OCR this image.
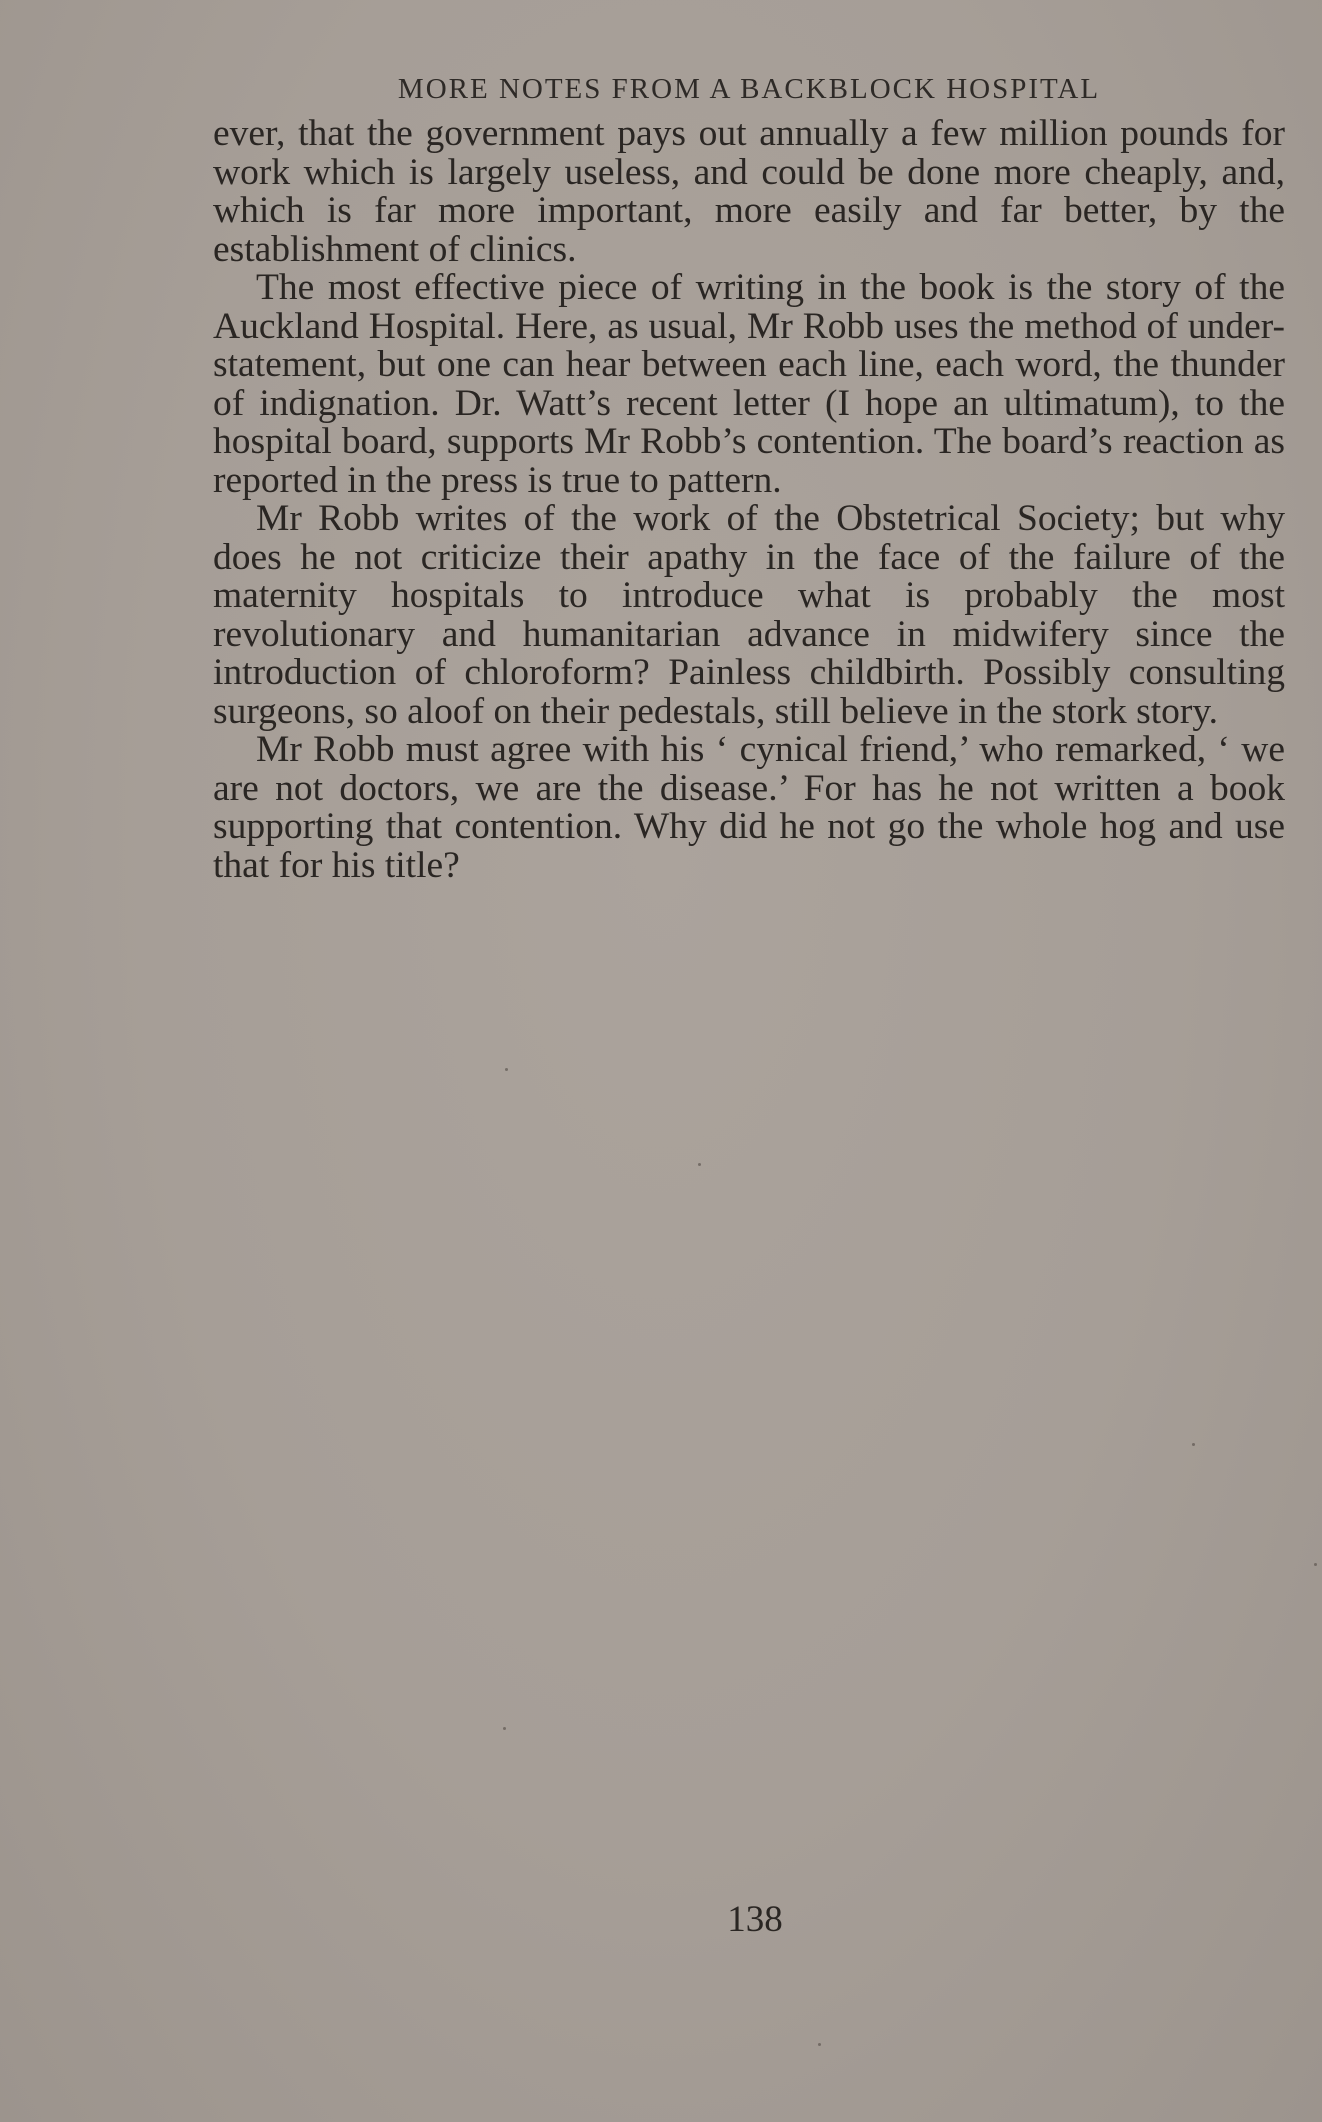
MORE NOTES FROM A BACKBLOCK HOSPITAL

ever, that the government pays out annually a few million pounds for work which is largely useless, and could be done more cheaply, and, which is far more important, more easily and far better, by the establishment of clinics.

The most effective piece of writing in the book is the story of the Auckland Hospital. Here, as usual, Mr Robb uses the method of under-statement, but one can hear between each line, each word, the thunder of indignation. Dr. Watt’s recent letter (I hope an ultimatum), to the hospital board, supports Mr Robb’s contention. The board’s reaction as reported in the press is true to pattern.

Mr Robb writes of the work of the Obstetrical Society; but why does he not criticize their apathy in the face of the failure of the maternity hospitals to introduce what is probably the most revolutionary and humanitarian advance in midwifery since the introduction of chloroform? Painless childbirth. Possibly consulting surgeons, so aloof on their pedestals, still believe in the stork story.

Mr Robb must agree with his ‘ cynical friend,’ who remarked, ‘ we are not doctors, we are the disease.’ For has he not written a book supporting that contention. Why did he not go the whole hog and use that for his title?

138
